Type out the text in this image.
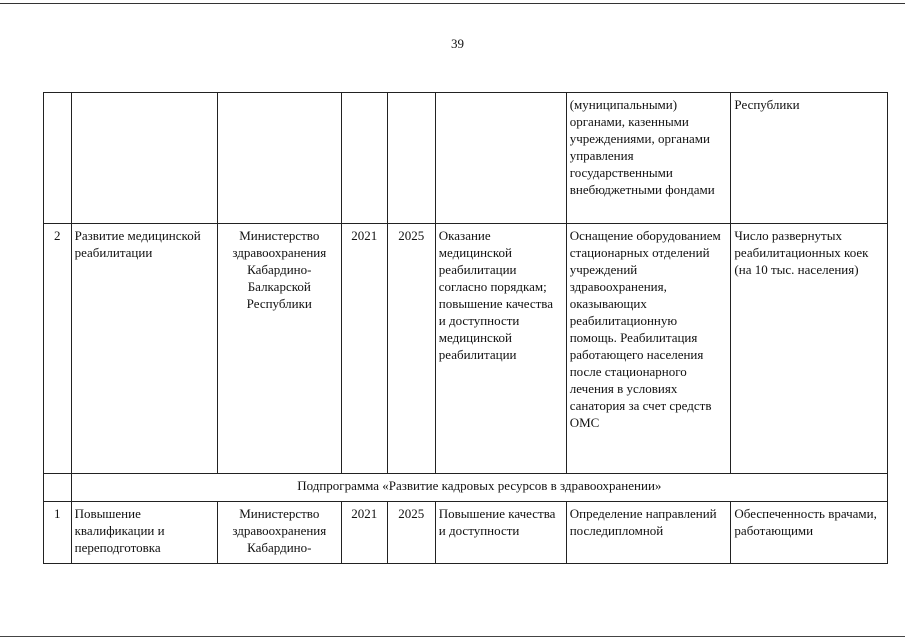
39
						(муниципальными) органами, казенными учреждениями, органами управления государственными внебюджетными фондами	Республики
2	Развитие медицинской реабилитации	Министерство здравоохранения Кабардино-Балкарской Республики	2021	2025	Оказание медицинской реабилитации согласно порядкам; повышение качества и доступности медицинской реабилитации	Оснащение оборудованием стационарных отделений учреждений здравоохранения, оказывающих реабилитационную помощь. Реабилитация работающего населения после стационарного лечения в условиях санатория за счет средств ОМС	Число развернутых реабилитационных коек (на 10 тыс. населения)
	Подпрограмма «Развитие кадровых ресурсов в здравоохранении»						
1	Повышение квалификации и переподготовка	Министерство здравоохранения Кабардино-	2021	2025	Повышение качества и доступности	Определение направлений последипломной	Обеспеченность врачами, работающими
